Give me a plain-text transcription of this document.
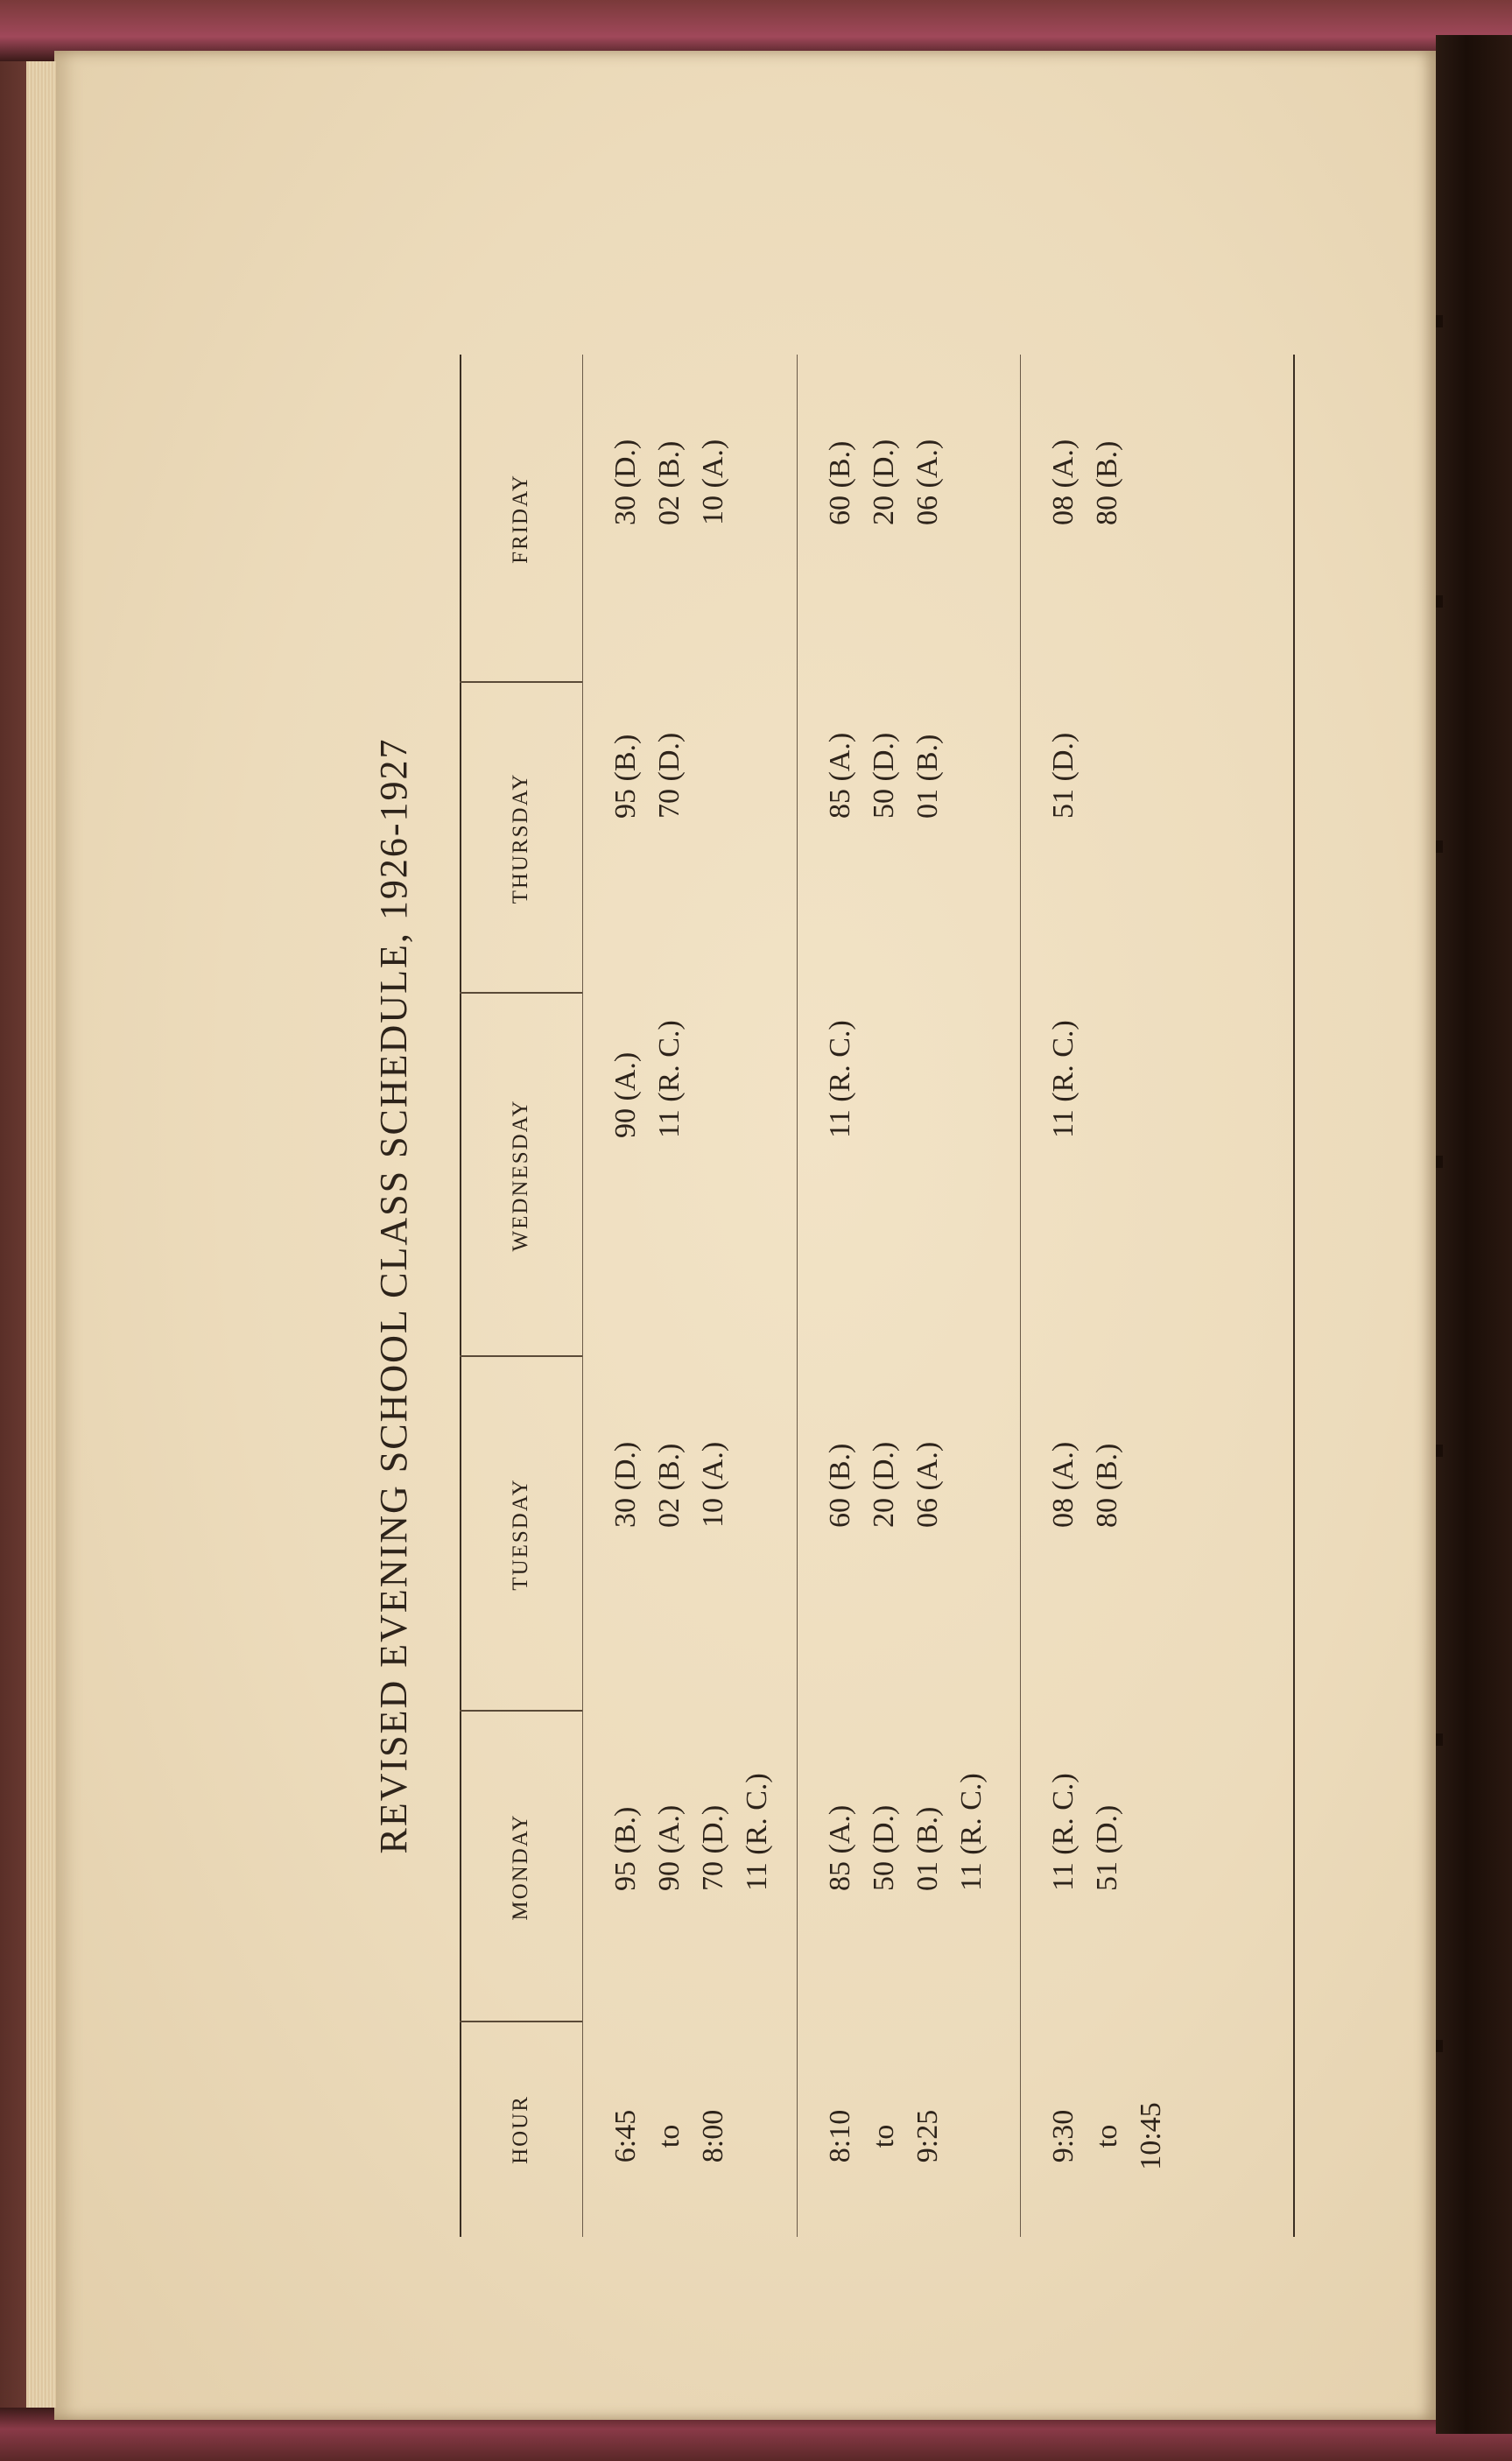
REVISED EVENING SCHOOL CLASS SCHEDULE, 1926-1927
HOUR
MONDAY
TUESDAY
WEDNESDAY
THURSDAY
FRIDAY
6:45 to 8:00
95 (B.) 90 (A.) 70 (D.) 11 (R. C.)
30 (D.) 02 (B.) 10 (A.)
90 (A.) 11 (R. C.)
95 (B.) 70 (D.)
30 (D.) 02 (B.) 10 (A.)
8:10 to 9:25
85 (A.) 50 (D.) 01 (B.) 11 (R. C.)
60 (B.) 20 (D.) 06 (A.)
11 (R. C.)
85 (A.) 50 (D.) 01 (B.)
60 (B.) 20 (D.) 06 (A.)
9:30 to 10:45
11 (R. C.) 51 (D.)
08 (A.) 80 (B.)
11 (R. C.)
51 (D.)
08 (A.) 80 (B.)
